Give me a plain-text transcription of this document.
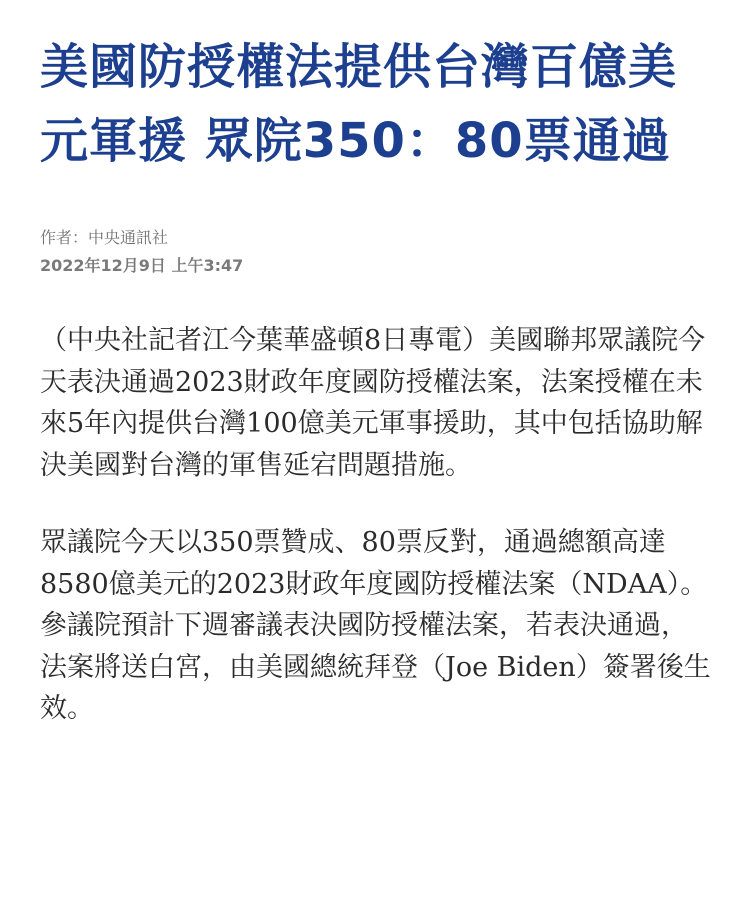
美國防授權法提供台灣百億美元軍援 眾院350：80票通過
作者：中央通訊社
2022年12月9日 上午3:47

（中央社記者江今葉華盛頓8日專電）美國聯邦眾議院今天表決通過2023財政年度國防授權法案，法案授權在未來5年內提供台灣100億美元軍事援助，其中包括協助解決美國對台灣的軍售延宕問題措施。

眾議院今天以350票贊成、80票反對，通過總額高達8580億美元的2023財政年度國防授權法案（NDAA）。參議院預計下週審議表決國防授權法案，若表決通過，法案將送白宮，由美國總統拜登（Joe Biden）簽署後生效。
